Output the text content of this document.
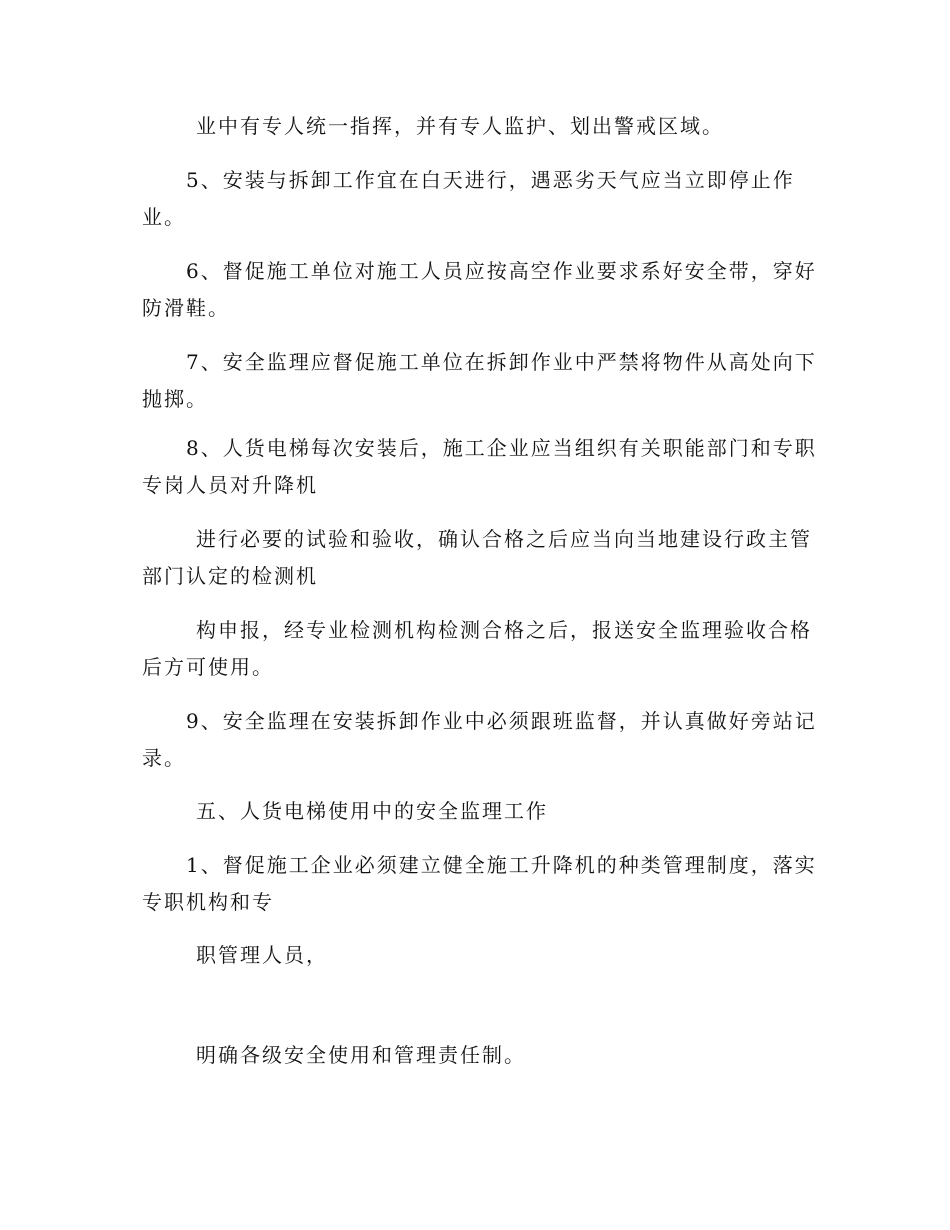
业中有专人统一指挥，并有专人监护、划出警戒区域。
5、安装与拆卸工作宜在白天进行，遇恶劣天气应当立即停止作
业。
6、督促施工单位对施工人员应按高空作业要求系好安全带，穿好
防滑鞋。
7、安全监理应督促施工单位在拆卸作业中严禁将物件从高处向下
抛掷。
8、人货电梯每次安装后，施工企业应当组织有关职能部门和专职
专岗人员对升降机
进行必要的试验和验收，确认合格之后应当向当地建设行政主管
部门认定的检测机
构申报，经专业检测机构检测合格之后，报送安全监理验收合格
后方可使用。
9、安全监理在安装拆卸作业中必须跟班监督，并认真做好旁站记
录。
五、人货电梯使用中的安全监理工作
1、督促施工企业必须建立健全施工升降机的种类管理制度，落实
专职机构和专
职管理人员，
明确各级安全使用和管理责任制。
